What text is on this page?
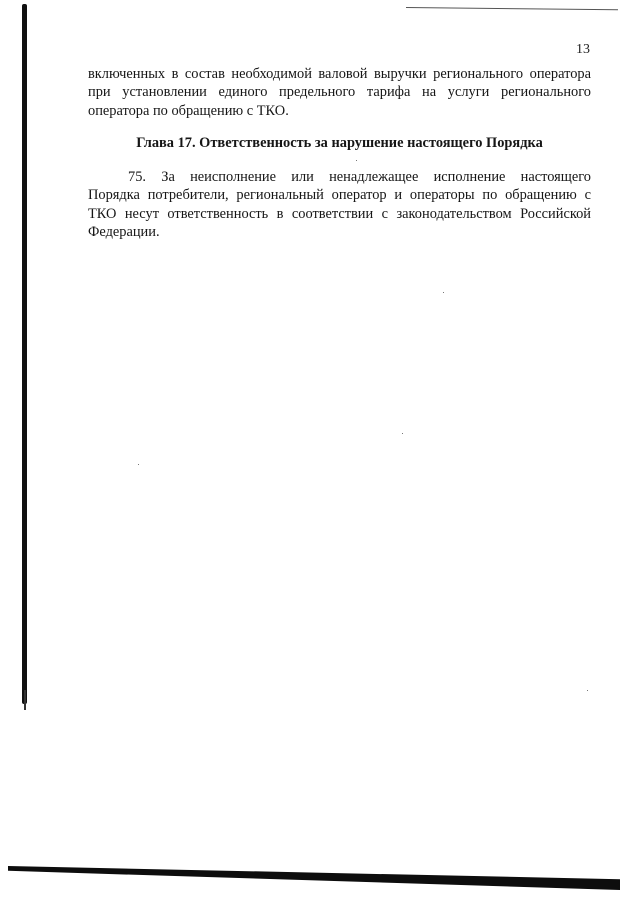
13
включенных в состав необходимой валовой выручки регионального оператора
при установлении единого предельного тарифа на услуги регионального
оператора по обращению с ТКО.
Глава 17. Ответственность за нарушение настоящего Порядка
75. За неисполнение или ненадлежащее исполнение настоящего
Порядка потребители, региональный оператор и операторы по обращению с
ТКО несут ответственность в соответствии с законодательством Российской
Федерации.
